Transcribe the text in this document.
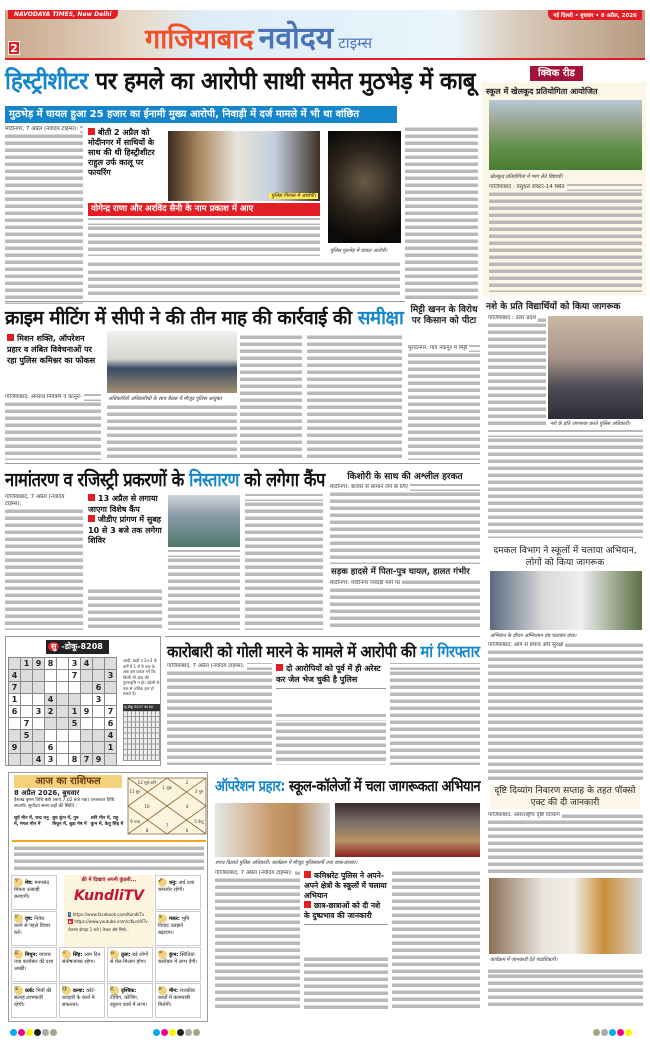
NAVODAYA TIMES, New Delhi
2	गाजियाबाद नवोदय टाइम्स
नई दिल्ली • बुधवार • 8 अप्रैल, 2026
हिस्ट्रीशीटर पर हमले का आरोपी साथी समेत मुठभेड़ में काबू
मुठभेड़ में घायल हुआ 25 हजार का ईनामी मुख्य आरोपी, निवाड़ी में दर्ज मामले में भी था वांछित
मोदीनगर, 7 अप्रैल (नवोदय टाइम्स):	बीती 2 अप्रैल को मोदीनगर में साथियों के साथ की थी हिस्ट्रीशीटर राहुल उर्फ कालू पर फायरिंग
पुलिस गिरफ्त में आरोपी।
योगेन्द्र राणा और अरविंद सैनी के नाम प्रकाश में आए
पुलिस मुठभेड़ में घायल आरोपी।
क्राइम मीटिंग में सीपी ने की तीन माह की कार्रवाई की समीक्षा
मिशन शक्ति, ऑपरेशन प्रहार व लंबित विवेचनाओं पर रहा पुलिस कमिश्नर का फोकस
गाजियाबाद: अपराध नियंत्रण व कानून-	अधिकारियों अधिकारियों के साथ बैठक में मौजूद पुलिस आयुक्त
मिट्टी खनन के विरोध पर किसान को पीटा
मुरादनगर: गांव नेकपुर में मिट्टी
क्विक रीड
स्कूल में खेलकूद प्रतियोगिता आयोजित
खेलकूद प्रतियोगिता में भाग लेते विद्यार्थी।
गाजियाबाद : वसुंधरा सेक्टर-14 स्थित
नशे के प्रति विद्यार्थियों को किया जागरूक
गाजियाबाद : उत्तर प्रदेश
नशे के प्रति जागरूक करते पुलिस अधिकारी।
दमकल विभाग ने स्कूलों में चलाया अभियान, लोगों को किया जागरूक
अभियान के दौरान अग्निशमन यंत्र चलाकर छात्र।
गाजियाबाद: आग से बचाव और सुरक्षा
दृष्टि दिव्यांग निवारण सप्ताह के तहत पॉक्सो एक्ट की दी जानकारी
गाजियाबाद: अंतरराष्ट्रीय दृष्टि दिव्यांग
कार्यक्रम में जानकारी देते पदाधिकारी।
नामांतरण व रजिस्ट्री प्रकरणों के निस्तारण को लगेगा कैंप
गाजियाबाद, 7 अप्रैल (नवोदय टाइम्स):
13 अप्रैल से लगाया जाएगा विशेष कैंप
जीडीए प्रांगण में सुबह 10 से 3 बजे तक लगेगा शिविर
किशोरी के साथ की अश्लील हरकत
मोदीनगर: बाजार से सामान लेने के लिए
सड़क हादसे में पिता-पुत्र घायल, हालत गंभीर
मोदीनगर: मोदीनगर निवाड़ी मार्ग पर
सु -डोकू-8208
	1	9	8		3	4		
4					7			3
7							6	
1			4				3	
6		3	2		1	9		7
	7				5			6
	5							4
9			6					1
		4	3		8	7	9	
आड़ी, खड़ी व 3×3 के वर्गों में 1 से 9 तक के अंक इस प्रकार भरें कि किसी भी अंक की पुनरावृत्ति न हो। पहेली के एक से अधिक हल हो सकते हैं।
सु-डोकू 8207 का हल
कारोबारी को गोली मारने के मामले में आरोपी की मां गिरफ्तार
गाजियाबाद, 7 अप्रैल (नवोदय टाइम्स):	दो आरोपियों को पूर्व में ही अरेस्ट कर जेल भेज चुकी है पुलिस
आज का राशिफल
8 अप्रैल 2026, बुधवार
वैशाख कृष्ण तिथि षष्ठी (सायं 7.02 बजे तक) तत्पश्चात तिथि सप्तमी। सूर्योदय समय ग्रहों की स्थिति :
सूर्य मीन में, चन्द्र धनु में, मंगल मीन में
बुध कुंभ में, गुरु मिथुन में, शुक्र मेष में
शनि मीन में, राहु कुंभ में, केतु सिंह में
1 शुक्र
12 सूर्य,शनि
11 बुध
10
9 चन्द्र
8
7
6
5 केतु
4
3 गुरु
2
फ्री में दिखाएं अपनी कुंडली...
KundliTV
f https://www.facebook.com/KundliTv
▶ https://www.youtube.com/c/KundliTv
रोज़ाना दोपहर 1 बजे | केवल और सिर्फ...
♈ मेष: मनपसंद मित्रता उत्साही बनाएगी।
♉ वृष: निवेश करने से पहले विचार करें।
♊ मिथुन: व्यापार तथा कारोबार की दशा अच्छी।
♋ कर्क: मित्रों की सलाह लाभकारी रहेगी।
♌ सिंह: आम दिन संतोषजनक रहेगा।
♍ कन्या: कोर्ट-कचहरी के कार्य में सफलता।
♎ तुला: बड़े लोगों से मेल-मिलाप होगा।
♏ वृश्चिक: टीचिंग, कोचिंग, ट्यूशन कार्य में लाभ।
♐ धनु: अर्थ दशा कमजोर रहेगी।
♑ मकर: भूमि विवाद उलझनें बढ़ाएगा।
♒ कुंभ: स्थितियां कारोबार में लाभ देंगी।
♓ मीन: राजकीय कार्यों में कामयाबी मिलेगी।
ऑपरेशन प्रहार: स्कूल-कॉलेजों में चला जागरूकता अभियान
शपथ दिलाते पुलिस अधिकारी। कार्यक्रम में मौजूद पुलिसकर्मी तथा छात्र-छात्राएं।
गाजियाबाद, 7 अप्रैल (नवोदय टाइम्स):	कमिश्नरेट पुलिस ने अपने-अपने क्षेत्रों के स्कूलों में चलाया अभियान
छात्र-छात्राओं को दी नशे के दुष्प्रभाव की जानकारी
